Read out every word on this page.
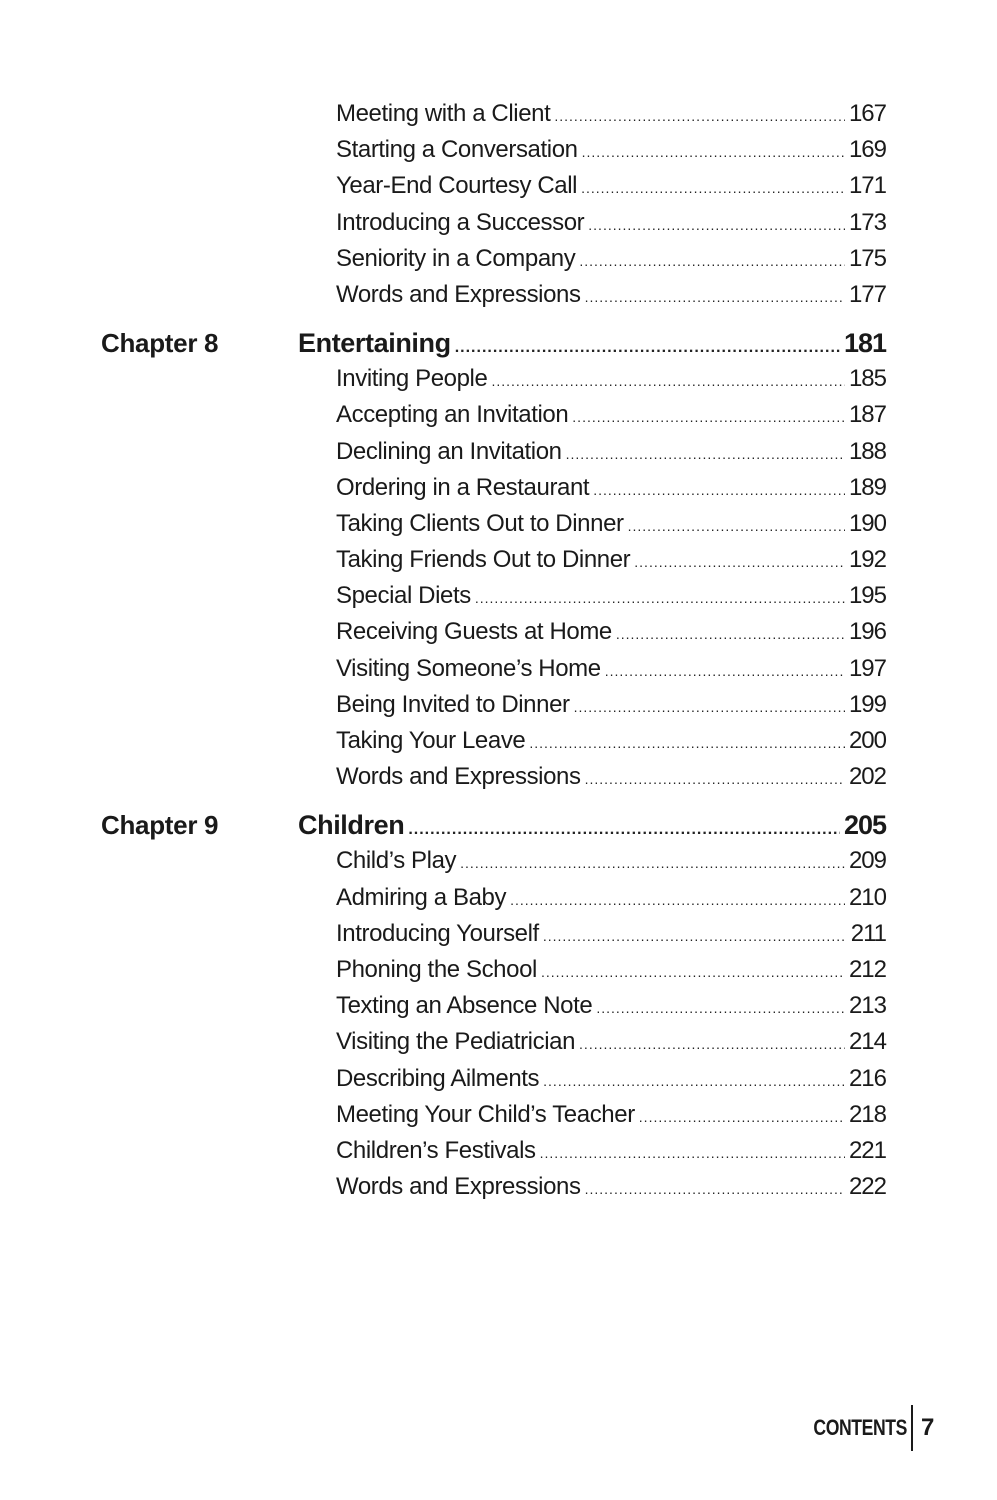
Meeting with a Client .....	167
Starting a Conversation .....	169
Year-End Courtesy Call .....	171
Introducing a Successor .....	173
Seniority in a Company .....	175
Words and Expressions .....	177
Chapter 8	Entertaining .....	181
Inviting People .....	185
Accepting an Invitation .....	187
Declining an Invitation .....	188
Ordering in a Restaurant .....	189
Taking Clients Out to Dinner .....	190
Taking Friends Out to Dinner .....	192
Special Diets .....	195
Receiving Guests at Home .....	196
Visiting Someone’s Home .....	197
Being Invited to Dinner .....	199
Taking Your Leave .....	200
Words and Expressions .....	202
Chapter 9	Children .....	205
Child’s Play .....	209
Admiring a Baby .....	210
Introducing Yourself .....	211
Phoning the School .....	212
Texting an Absence Note .....	213
Visiting the Pediatrician .....	214
Describing Ailments .....	216
Meeting Your Child’s Teacher .....	218
Children’s Festivals .....	221
Words and Expressions .....	222
CONTENTS 7
